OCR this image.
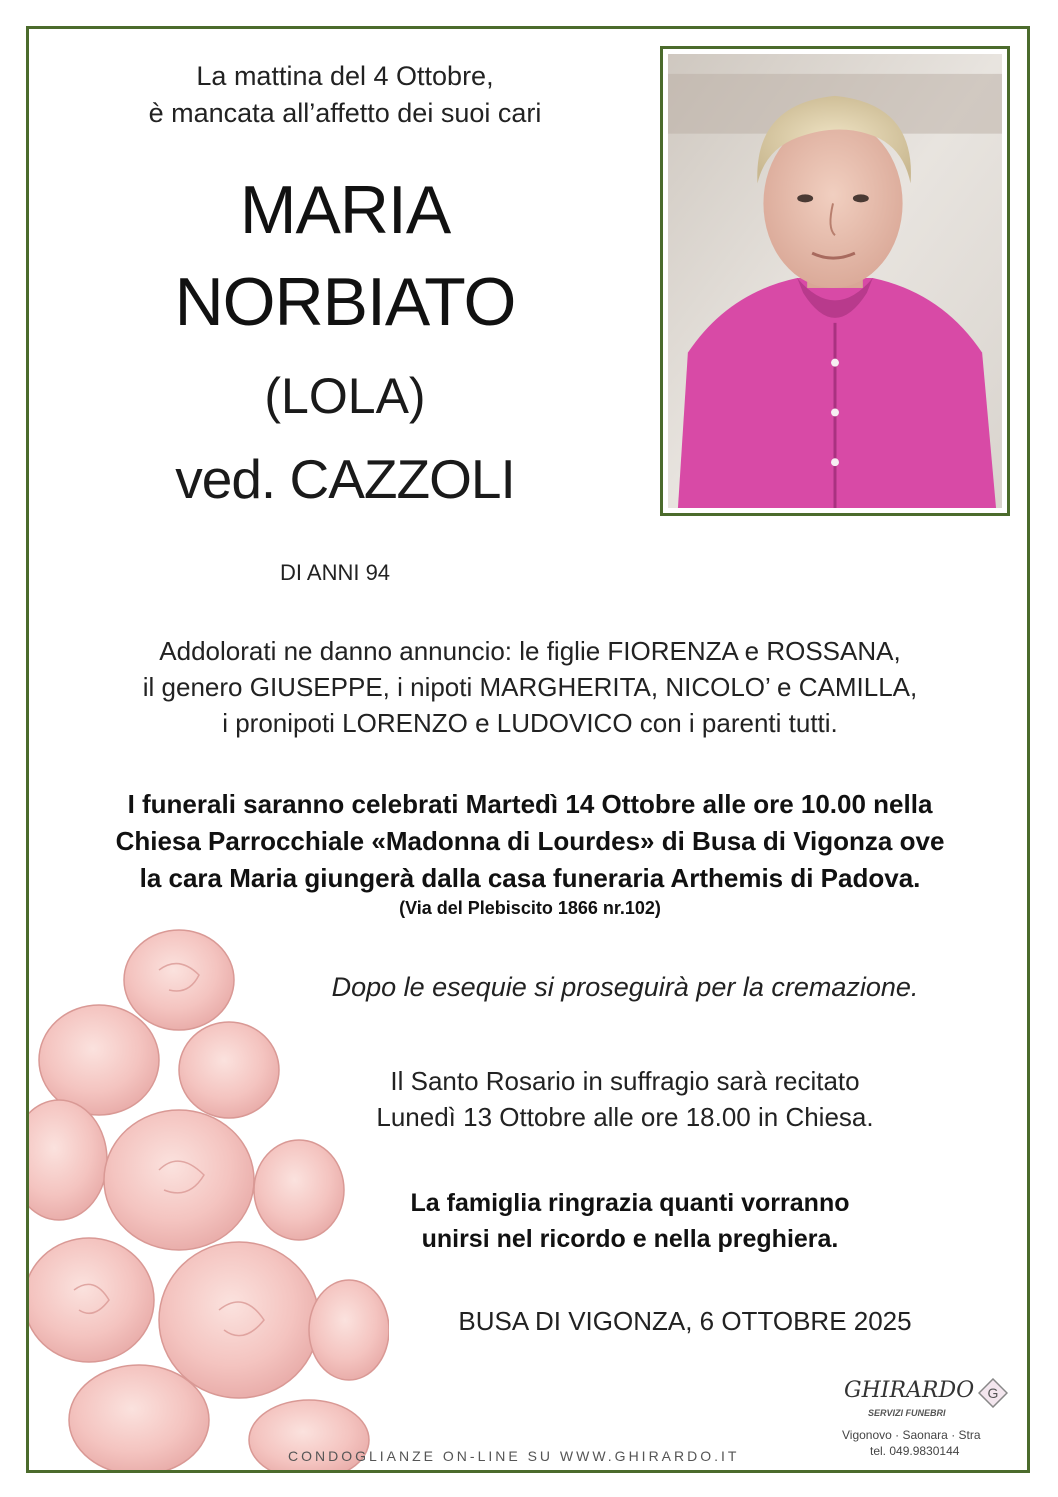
La mattina del 4 Ottobre,
è mancata all’affetto dei suoi cari
MARIA
NORBIATO
(LOLA)
ved. CAZZOLI
DI ANNI 94
Addolorati ne danno annuncio: le figlie FIORENZA e ROSSANA,
il genero GIUSEPPE, i nipoti MARGHERITA, NICOLO’ e CAMILLA,
i pronipoti LORENZO e LUDOVICO con i parenti tutti.
I funerali saranno celebrati Martedì 14 Ottobre alle ore 10.00 nella
Chiesa Parrocchiale «Madonna di Lourdes» di Busa di Vigonza ove
la cara Maria giungerà dalla casa funeraria Arthemis di Padova.
(Via del Plebiscito 1866 nr.102)
Dopo le esequie si proseguirà per la cremazione.
Il Santo Rosario in suffragio sarà recitato
Lunedì 13 Ottobre alle ore 18.00 in Chiesa.
La famiglia ringrazia quanti vorranno
unirsi nel ricordo e nella preghiera.
BUSA DI VIGONZA, 6 OTTOBRE 2025
CONDOGLIANZE ON-LINE SU WWW.GHIRARDO.IT
GHIRARDO
SERVIZI FUNEBRI
G
Vigonovo · Saonara · Stra
tel. 049.9830144
